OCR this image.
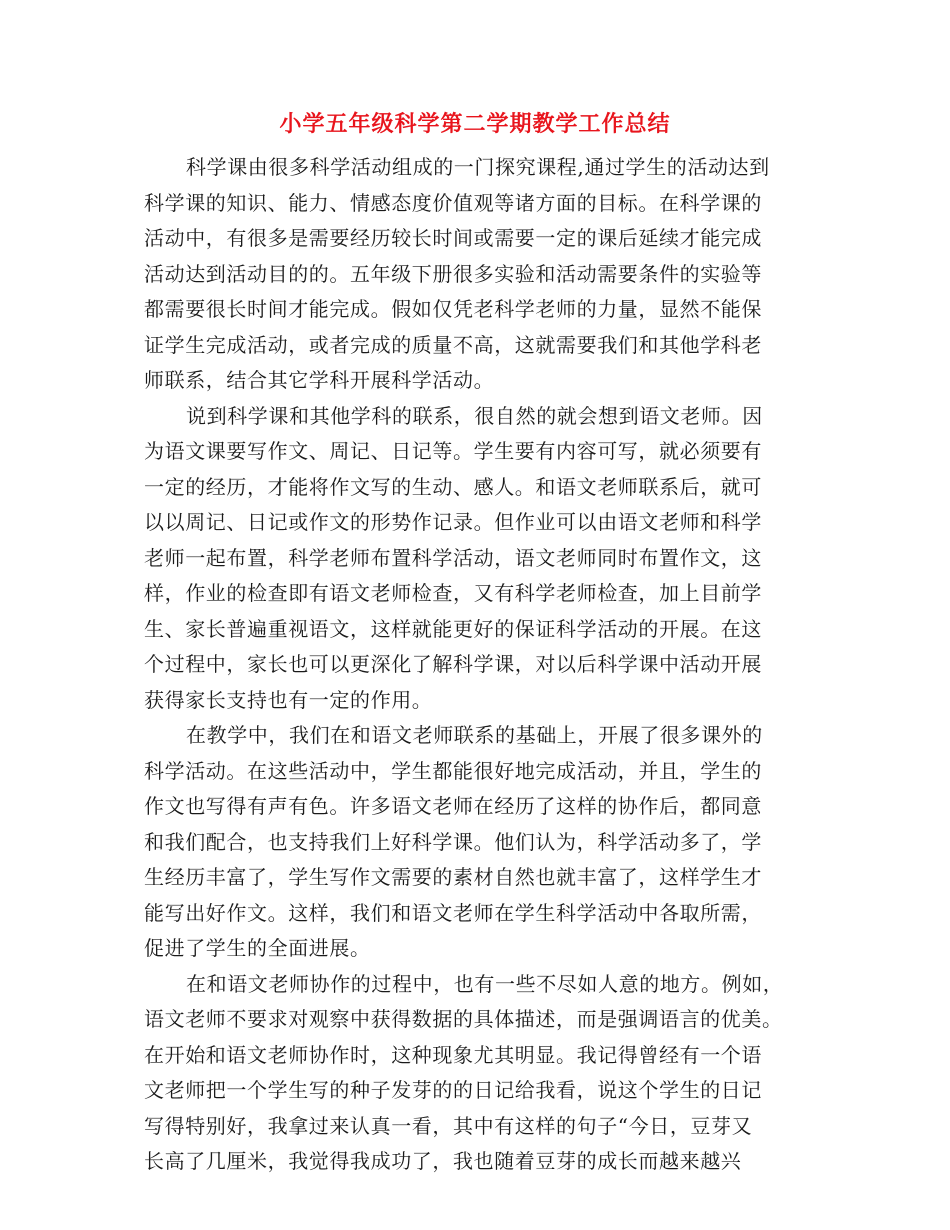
小学五年级科学第二学期教学工作总结
科学课由很多科学活动组成的一门探究课程,通过学生的活动达到
科学课的知识、能力、情感态度价值观等诸方面的目标。在科学课的
活动中，有很多是需要经历较长时间或需要一定的课后延续才能完成
活动达到活动目的的。五年级下册很多实验和活动需要条件的实验等
都需要很长时间才能完成。假如仅凭老科学老师的力量，显然不能保
证学生完成活动，或者完成的质量不高，这就需要我们和其他学科老
师联系，结合其它学科开展科学活动。
说到科学课和其他学科的联系，很自然的就会想到语文老师。因
为语文课要写作文、周记、日记等。学生要有内容可写，就必须要有
一定的经历，才能将作文写的生动、感人。和语文老师联系后，就可
以以周记、日记或作文的形势作记录。但作业可以由语文老师和科学
老师一起布置，科学老师布置科学活动，语文老师同时布置作文，这
样，作业的检查即有语文老师检查，又有科学老师检查，加上目前学
生、家长普遍重视语文，这样就能更好的保证科学活动的开展。在这
个过程中，家长也可以更深化了解科学课，对以后科学课中活动开展
获得家长支持也有一定的作用。
在教学中，我们在和语文老师联系的基础上，开展了很多课外的
科学活动。在这些活动中，学生都能很好地完成活动，并且，学生的
作文也写得有声有色。许多语文老师在经历了这样的协作后，都同意
和我们配合，也支持我们上好科学课。他们认为，科学活动多了，学
生经历丰富了，学生写作文需要的素材自然也就丰富了，这样学生才
能写出好作文。这样，我们和语文老师在学生科学活动中各取所需，
促进了学生的全面进展。
在和语文老师协作的过程中，也有一些不尽如人意的地方。例如，
语文老师不要求对观察中获得数据的具体描述，而是强调语言的优美。
在开始和语文老师协作时，这种现象尤其明显。我记得曾经有一个语
文老师把一个学生写的种子发芽的的日记给我看，说这个学生的日记
写得特别好，我拿过来认真一看，其中有这样的句子“今日，豆芽又
长高了几厘米，我觉得我成功了，我也随着豆芽的成长而越来越兴
